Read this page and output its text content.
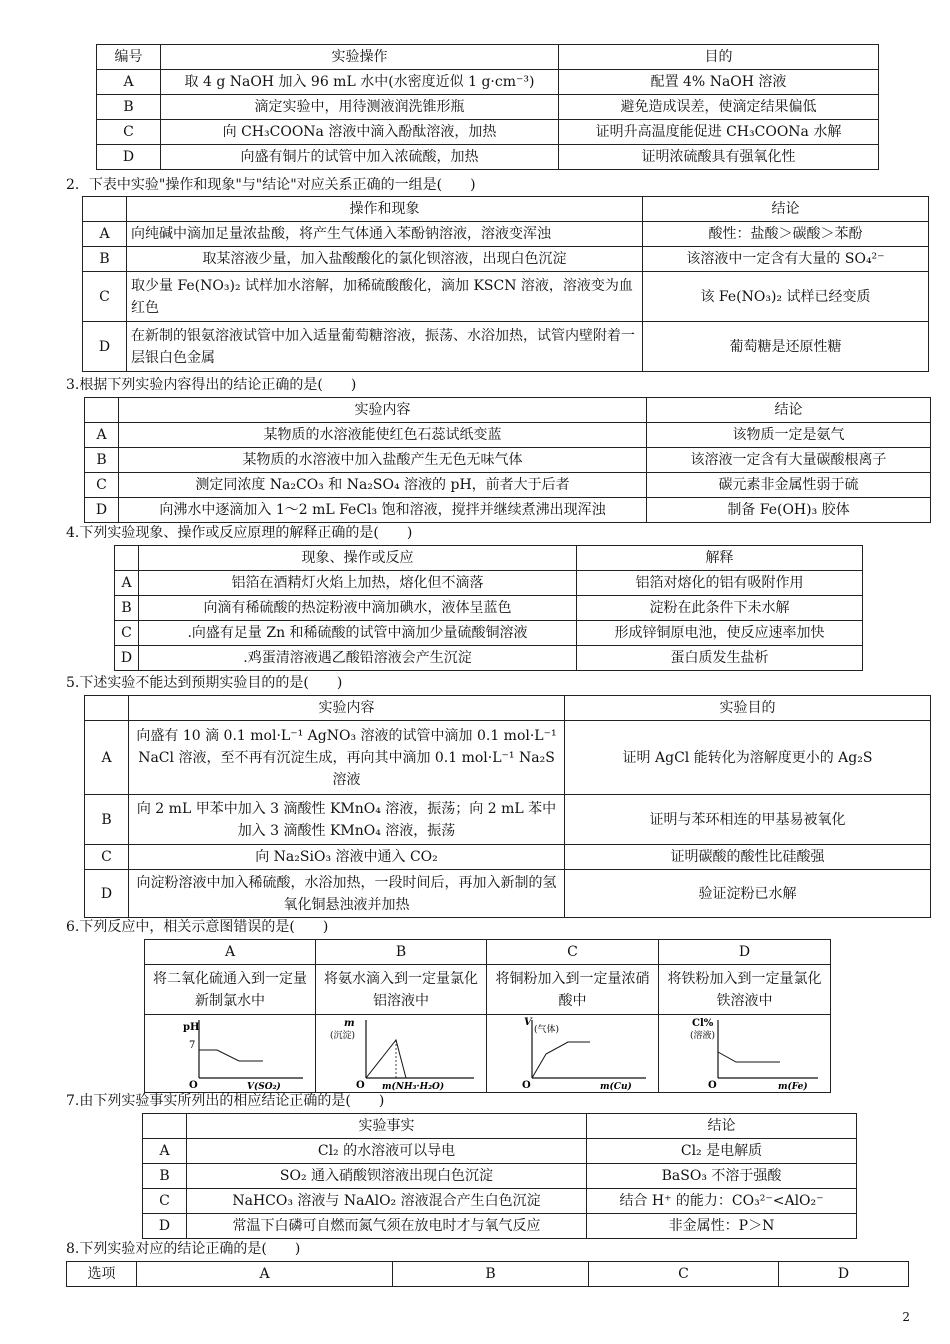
编号	实验操作	目的
A	取 4 g NaOH 加入 96 mL 水中(水密度近似 1 g·cm⁻³)	配置 4% NaOH 溶液
B	滴定实验中，用待测液润洗锥形瓶	避免造成误差，使滴定结果偏低
C	向 CH₃COONa 溶液中滴入酚酞溶液，加热	证明升高温度能促进 CH₃COONa 水解
D	向盛有铜片的试管中加入浓硫酸，加热	证明浓硫酸具有强氧化性
2．下表中实验"操作和现象"与"结论"对应关系正确的一组是(　　)
	操作和现象	结论
A	向纯碱中滴加足量浓盐酸，将产生气体通入苯酚钠溶液，溶液变浑浊	酸性：盐酸＞碳酸＞苯酚
B	取某溶液少量，加入盐酸酸化的氯化钡溶液，出现白色沉淀	该溶液中一定含有大量的 SO₄²⁻
C	取少量 Fe(NO₃)₂ 试样加水溶解，加稀硫酸酸化，滴加 KSCN 溶液，溶液变为血红色	该 Fe(NO₃)₂ 试样已经变质
D	在新制的银氨溶液试管中加入适量葡萄糖溶液，振荡、水浴加热，试管内壁附着一层银白色金属	葡萄糖是还原性糖
3.根据下列实验内容得出的结论正确的是(　　)
	实验内容	结论
A	某物质的水溶液能使红色石蕊试纸变蓝	该物质一定是氨气
B	某物质的水溶液中加入盐酸产生无色无味气体	该溶液一定含有大量碳酸根离子
C	测定同浓度 Na₂CO₃ 和 Na₂SO₄ 溶液的 pH，前者大于后者	碳元素非金属性弱于硫
D	向沸水中逐滴加入 1～2 mL FeCl₃ 饱和溶液，搅拌并继续煮沸出现浑浊	制备 Fe(OH)₃ 胶体
4.下列实验现象、操作或反应原理的解释正确的是(　　)
	现象、操作或反应	解释
A	铝箔在酒精灯火焰上加热，熔化但不滴落	铝箔对熔化的铝有吸附作用
B	向滴有稀硫酸的热淀粉液中滴加碘水，液体呈蓝色	淀粉在此条件下未水解
C	.向盛有足量 Zn 和稀硫酸的试管中滴加少量硫酸铜溶液	形成锌铜原电池，使反应速率加快
D	.鸡蛋清溶液遇乙酸铅溶液会产生沉淀	蛋白质发生盐析
5.下述实验不能达到预期实验目的的是(　　)
	实验内容	实验目的
A	向盛有 10 滴 0.1 mol·L⁻¹ AgNO₃ 溶液的试管中滴加 0.1 mol·L⁻¹ NaCl 溶液，至不再有沉淀生成，再向其中滴加 0.1 mol·L⁻¹ Na₂S 溶液	证明 AgCl 能转化为溶解度更小的 Ag₂S
B	向 2 mL 甲苯中加入 3 滴酸性 KMnO₄ 溶液，振荡；向 2 mL 苯中加入 3 滴酸性 KMnO₄ 溶液，振荡	证明与苯环相连的甲基易被氧化
C	向 Na₂SiO₃ 溶液中通入 CO₂	证明碳酸的酸性比硅酸强
D	向淀粉溶液中加入稀硫酸，水浴加热，一段时间后，再加入新制的氢氧化铜悬浊液并加热	验证淀粉已水解
6.下列反应中，相关示意图错误的是(　　)
A	B	C	D
将二氧化硫通入到一定量新制氯水中	将氨水滴入到一定量氯化铝溶液中	将铜粉加入到一定量浓硝酸中	将铁粉加入到一定量氯化铁溶液中

pH
7
O V(SO₂)	m
(沉淀)
O m(NH₃·H₂O)	V
(气体)
O m(Cu)	Cl%
(溶液)
O m(Fe)
7.由下列实验事实所列出的相应结论正确的是(　　)
	实验事实	结论
A	Cl₂ 的水溶液可以导电	Cl₂ 是电解质
B	SO₂ 通入硝酸钡溶液出现白色沉淀	BaSO₃ 不溶于强酸
C	NaHCO₃ 溶液与 NaAlO₂ 溶液混合产生白色沉淀	结合 H⁺ 的能力：CO₃²⁻<AlO₂⁻
D	常温下白磷可自燃而氮气须在放电时才与氧气反应	非金属性：P＞N
8.下列实验对应的结论正确的是(　　)
选项	A	B	C	D
2
